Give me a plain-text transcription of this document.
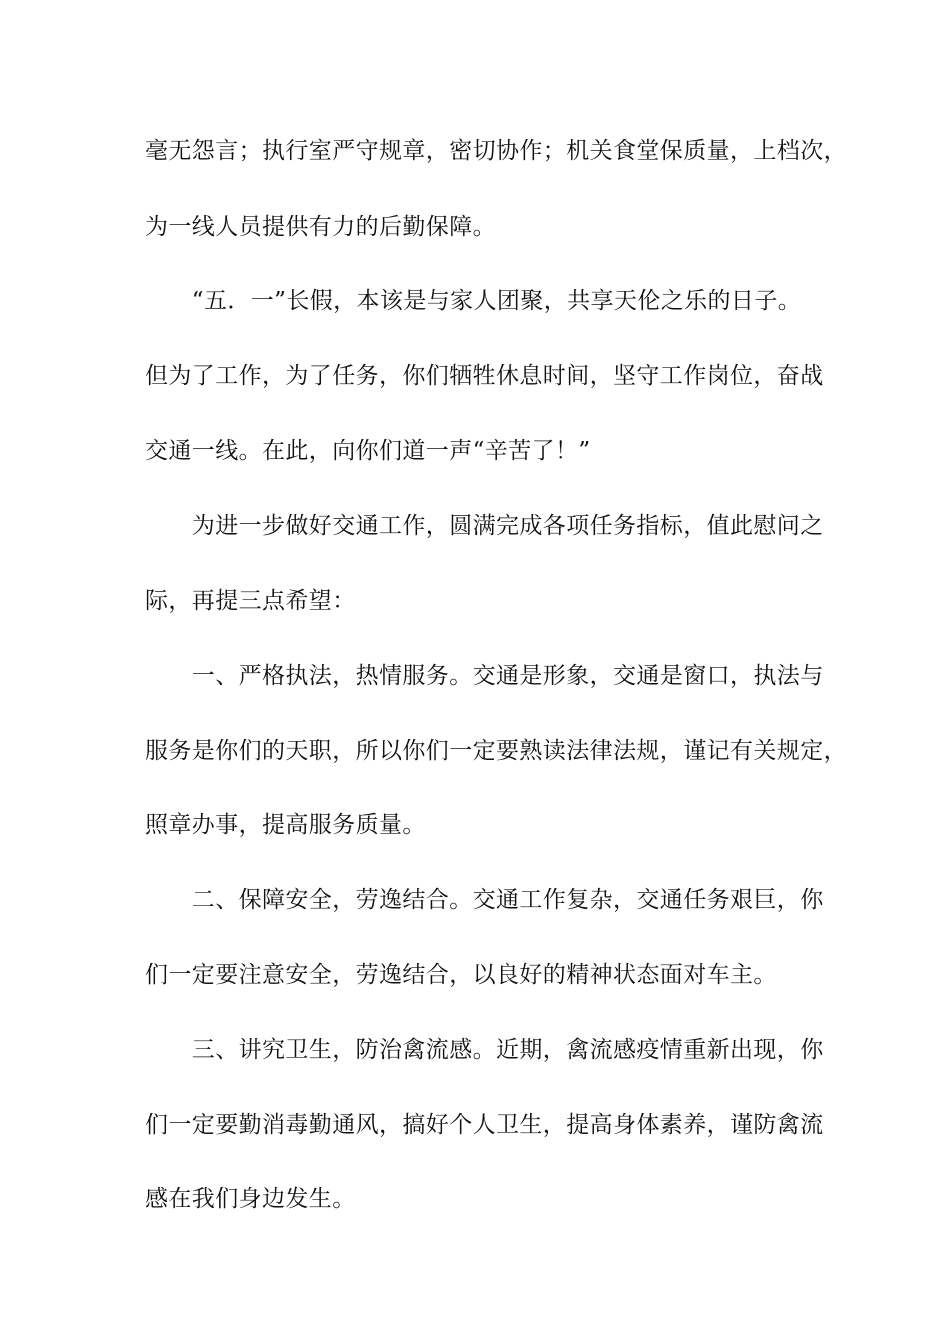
毫无怨言；执行室严守规章，密切协作；机关食堂保质量，上档次，
为一线人员提供有力的后勤保障。
　　“五．一”长假，本该是与家人团聚，共享天伦之乐的日子。
但为了工作，为了任务，你们牺牲休息时间，坚守工作岗位，奋战
交通一线。在此，向你们道一声“辛苦了！”
　　为进一步做好交通工作，圆满完成各项任务指标，值此慰问之
际，再提三点希望：
　　一、严格执法，热情服务。交通是形象，交通是窗口，执法与
服务是你们的天职，所以你们一定要熟读法律法规，谨记有关规定，
照章办事，提高服务质量。
　　二、保障安全，劳逸结合。交通工作复杂，交通任务艰巨，你
们一定要注意安全，劳逸结合，以良好的精神状态面对车主。
　　三、讲究卫生，防治禽流感。近期，禽流感疫情重新出现，你
们一定要勤消毒勤通风，搞好个人卫生，提高身体素养，谨防禽流
感在我们身边发生。
